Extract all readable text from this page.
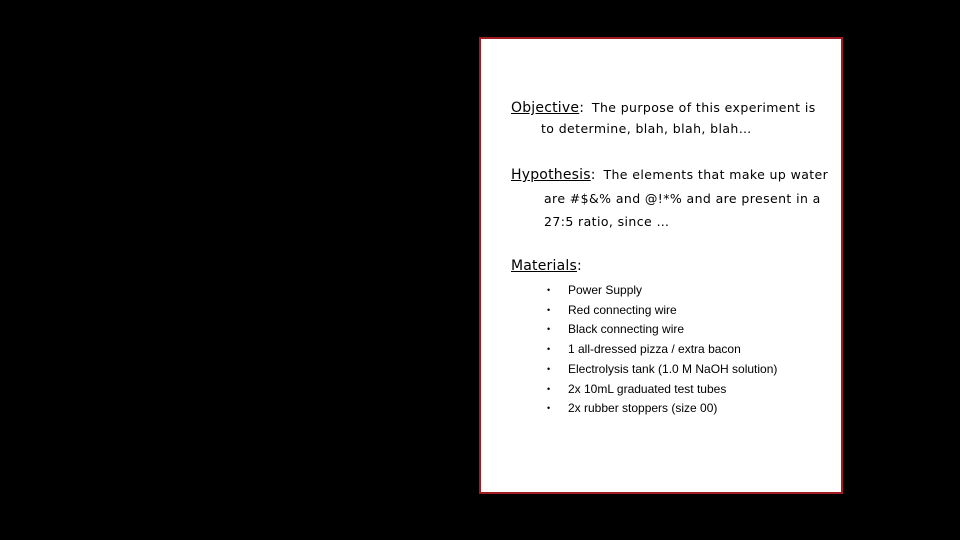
Objective: The purpose of this experiment is
to determine, blah, blah, blah…
Hypothesis: The elements that make up water
are #$&% and @!*% and are present in a 27:5 ratio, since …
Materials:
• Power Supply
• Red connecting wire
• Black connecting wire
• 1 all-dressed pizza / extra bacon
• Electrolysis tank (1.0 M NaOH solution)
• 2x 10mL graduated test tubes
• 2x rubber stoppers (size 00)
